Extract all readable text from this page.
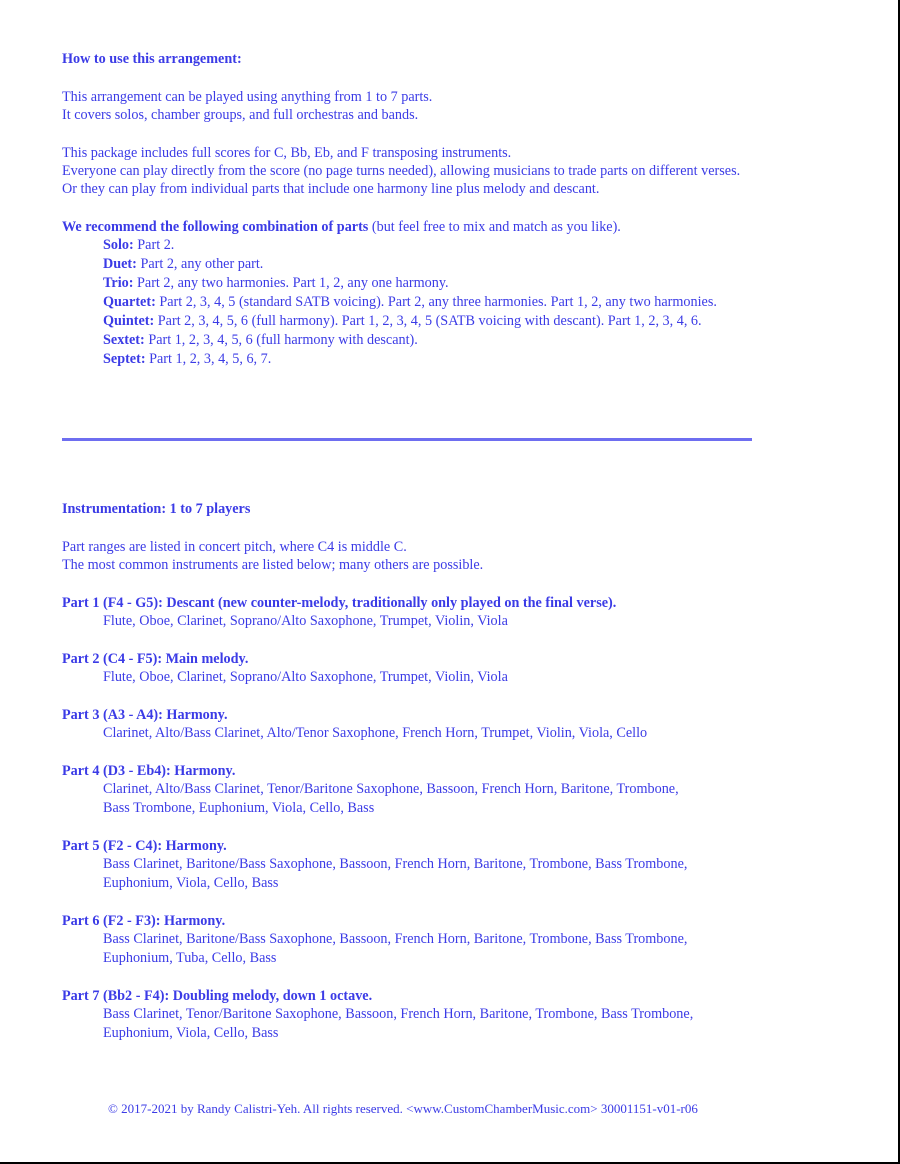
How to use this arrangement:
This arrangement can be played using anything from 1 to 7 parts.
It covers solos, chamber groups, and full orchestras and bands.
This package includes full scores for C, Bb, Eb, and F transposing instruments.
Everyone can play directly from the score (no page turns needed), allowing musicians to trade parts on different verses.
Or they can play from individual parts that include one harmony line plus melody and descant.
We recommend the following combination of parts (but feel free to mix and match as you like).
Solo: Part 2.
Duet: Part 2, any other part.
Trio: Part 2, any two harmonies. Part 1, 2, any one harmony.
Quartet: Part 2, 3, 4, 5 (standard SATB voicing). Part 2, any three harmonies. Part 1, 2, any two harmonies.
Quintet: Part 2, 3, 4, 5, 6 (full harmony). Part 1, 2, 3, 4, 5 (SATB voicing with descant). Part 1, 2, 3, 4, 6.
Sextet: Part 1, 2, 3, 4, 5, 6 (full harmony with descant).
Septet: Part 1, 2, 3, 4, 5, 6, 7.
Instrumentation: 1 to 7 players
Part ranges are listed in concert pitch, where C4 is middle C.
The most common instruments are listed below; many others are possible.
Part 1 (F4 - G5): Descant (new counter-melody, traditionally only played on the final verse).
Flute, Oboe, Clarinet, Soprano/Alto Saxophone, Trumpet, Violin, Viola
Part 2 (C4 - F5): Main melody.
Flute, Oboe, Clarinet, Soprano/Alto Saxophone, Trumpet, Violin, Viola
Part 3 (A3 - A4): Harmony.
Clarinet, Alto/Bass Clarinet, Alto/Tenor Saxophone, French Horn, Trumpet, Violin, Viola, Cello
Part 4 (D3 - Eb4): Harmony.
Clarinet, Alto/Bass Clarinet, Tenor/Baritone Saxophone, Bassoon, French Horn, Baritone, Trombone,
Bass Trombone, Euphonium, Viola, Cello, Bass
Part 5 (F2 - C4): Harmony.
Bass Clarinet, Baritone/Bass Saxophone, Bassoon, French Horn, Baritone, Trombone, Bass Trombone,
Euphonium, Viola, Cello, Bass
Part 6 (F2 - F3): Harmony.
Bass Clarinet, Baritone/Bass Saxophone, Bassoon, French Horn, Baritone, Trombone, Bass Trombone,
Euphonium, Tuba, Cello, Bass
Part 7 (Bb2 - F4): Doubling melody, down 1 octave.
Bass Clarinet, Tenor/Baritone Saxophone, Bassoon, French Horn, Baritone, Trombone, Bass Trombone,
Euphonium, Viola, Cello, Bass
© 2017-2021 by Randy Calistri-Yeh. All rights reserved. <www.CustomChamberMusic.com> 30001151-v01-r06
